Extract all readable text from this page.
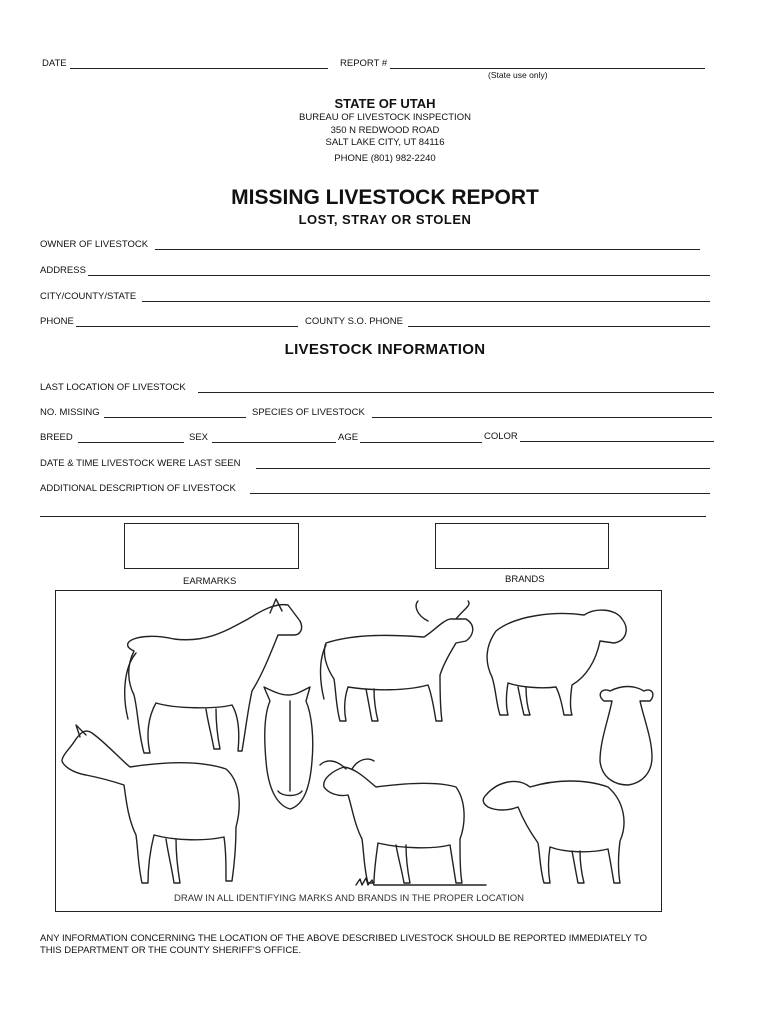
DATE	REPORT #
(State use only)
STATE OF UTAH
BUREAU OF LIVESTOCK INSPECTION
350 N REDWOOD ROAD
SALT LAKE CITY, UT 84116
PHONE (801) 982-2240
MISSING LIVESTOCK REPORT
LOST, STRAY OR STOLEN
OWNER OF LIVESTOCK
ADDRESS
CITY/COUNTY/STATE
PHONE	COUNTY S.O. PHONE
LIVESTOCK INFORMATION
LAST LOCATION OF LIVESTOCK
NO. MISSING	SPECIES OF LIVESTOCK
BREED	SEX	AGE	COLOR
DATE & TIME LIVESTOCK WERE LAST SEEN
ADDITIONAL DESCRIPTION OF LIVESTOCK
EARMARKS	BRANDS
DRAW IN ALL IDENTIFYING MARKS AND BRANDS IN THE PROPER LOCATION
ANY INFORMATION CONCERNING THE LOCATION OF THE ABOVE DESCRIBED LIVESTOCK SHOULD BE REPORTED IMMEDIATELY TO
THIS DEPARTMENT OR THE COUNTY SHERIFF'S OFFICE.
